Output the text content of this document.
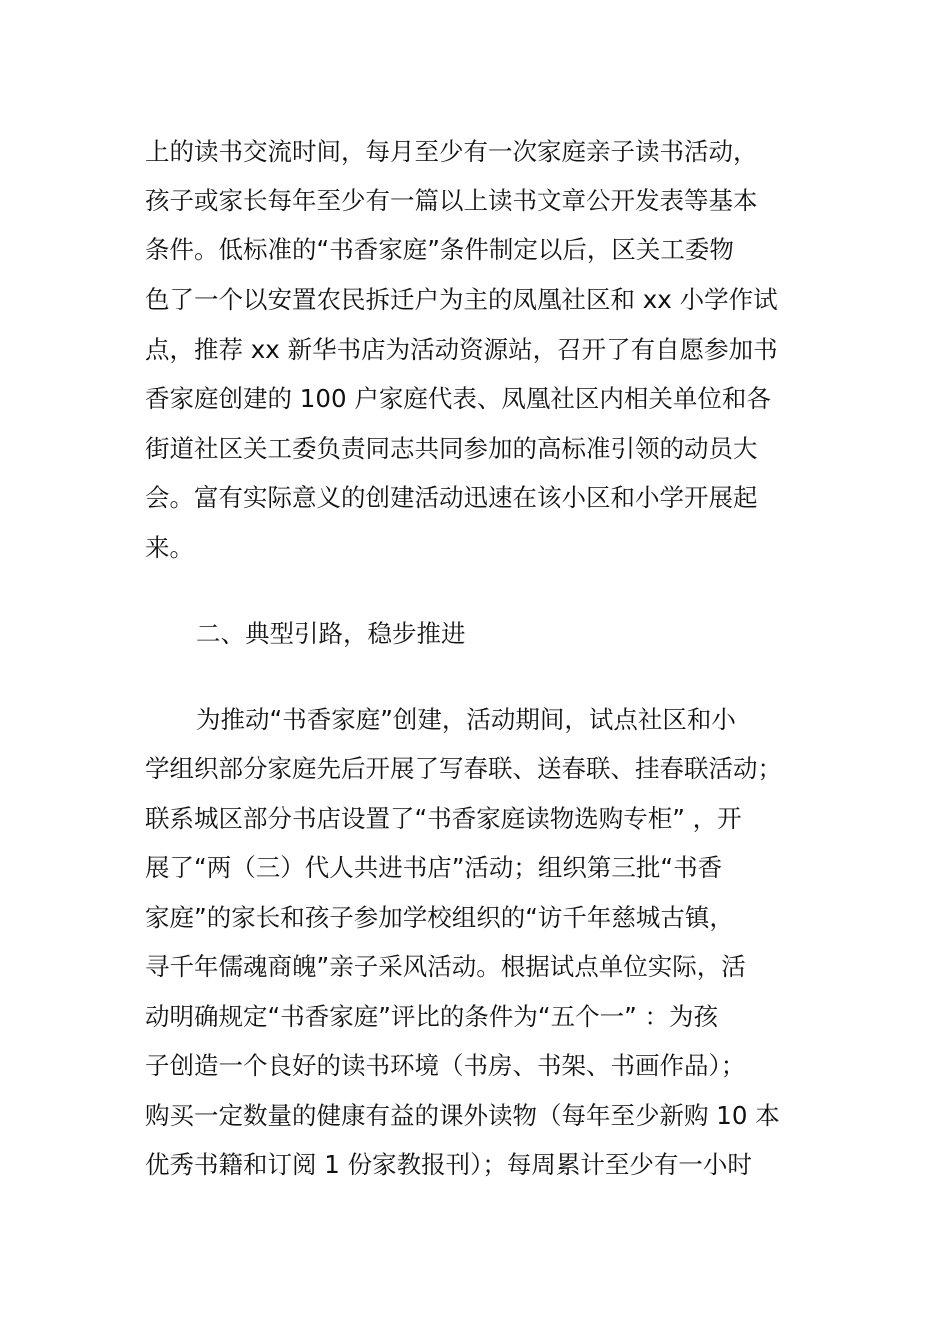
上的读书交流时间，每月至少有一次家庭亲子读书活动，
孩子或家长每年至少有一篇以上读书文章公开发表等基本
条件。低标准的“书香家庭”条件制定以后，区关工委物
色了一个以安置农民拆迁户为主的凤凰社区和 xx 小学作试
点，推荐 xx 新华书店为活动资源站，召开了有自愿参加书
香家庭创建的 100 户家庭代表、凤凰社区内相关单位和各
街道社区关工委负责同志共同参加的高标准引领的动员大
会。富有实际意义的创建活动迅速在该小区和小学开展起
来。
二、典型引路，稳步推进
为推动“书香家庭”创建，活动期间，试点社区和小
学组织部分家庭先后开展了写春联、送春联、挂春联活动；
联系城区部分书店设置了“书香家庭读物选购专柜” ，开
展了“两（三）代人共进书店”活动；组织第三批“书香
家庭”的家长和孩子参加学校组织的“访千年慈城古镇，
寻千年儒魂商魄”亲子采风活动。根据试点单位实际，活
动明确规定“书香家庭”评比的条件为“五个一” ：为孩
子创造一个良好的读书环境（书房、书架、书画作品）；
购买一定数量的健康有益的课外读物（每年至少新购 10 本
优秀书籍和订阅 1 份家教报刊）；每周累计至少有一小时
